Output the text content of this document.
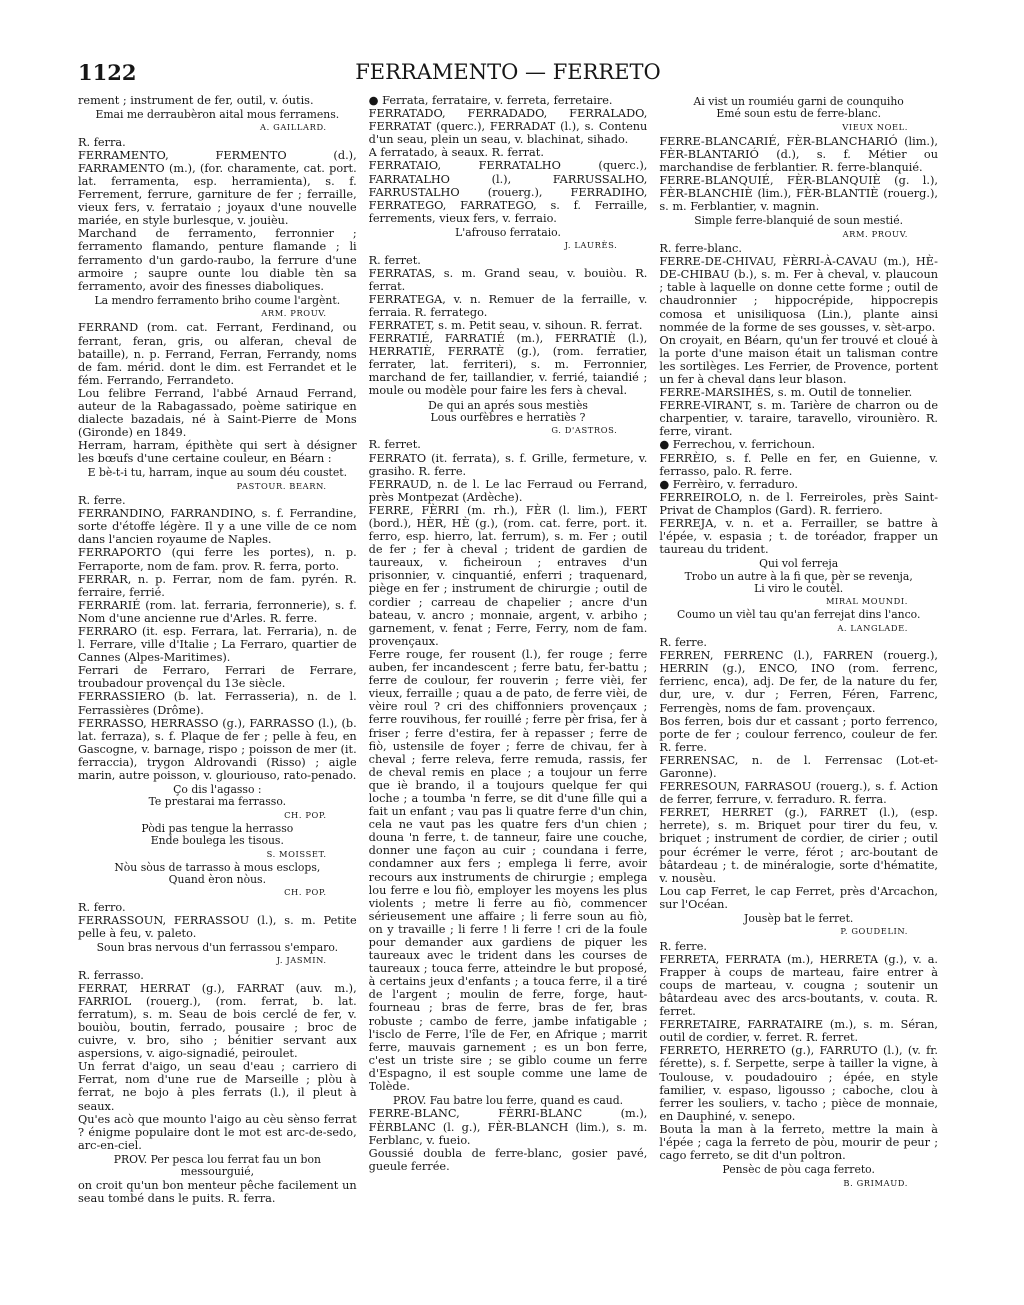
1122	FERRAMENTO — FERRETO

rement ; instrument de fer, outil, v. óutis.

Emai me derraubèron aital mous ferramens.
A. GAILLARD.

R. ferra.

FERRAMENTO, FERMENTO (d.), FARRAMENTO (m.), (for. charamente, cat. port. lat. ferramenta, esp. herramienta), s. f. Ferrement, ferrure, garniture de fer ; ferraille, vieux fers, v. ferrataio ; joyaux d'une nouvelle mariée, en style burlesque, v. jouièu.

Marchand de ferramento, ferronnier ; ferramento flamando, penture flamande ; li ferramento d'un gardo-raubo, la ferrure d'une armoire ; saupre ounte lou diable tèn sa ferramento, avoir des finesses diaboliques.

La mendro ferramento briho coume l'argènt.
ARM. PROUV.

FERRAND (rom. cat. Ferrant, Ferdinand, ou ferrant, feran, gris, ou alferan, cheval de bataille), n. p. Ferrand, Ferran, Ferrandy, noms de fam. mérid. dont le dim. est Ferrandet et le fém. Ferrando, Ferrandeto.

Lou felibre Ferrand, l'abbé Arnaud Ferrand, auteur de la Rabagassado, poème satirique en dialecte bazadais, né à Saint-Pierre de Mons (Gironde) en 1849.

Herram, harram, épithète qui sert à désigner les bœufs d'une certaine couleur, en Béarn :

E bè-t-i tu, harram, inque au soum déu coustet.
PASTOUR. BEARN.

R. ferre.

FERRANDINO, FARRANDINO, s. f. Ferrandine, sorte d'étoffe légère. Il y a une ville de ce nom dans l'ancien royaume de Naples.

FERRAPORTO (qui ferre les portes), n. p. Ferraporte, nom de fam. prov. R. ferra, porto.

FERRAR, n. p. Ferrar, nom de fam. pyrén. R. ferraire, ferrié.

FERRARIÉ (rom. lat. ferraria, ferronnerie), s. f. Nom d'une ancienne rue d'Arles. R. ferre.

FERRARO (it. esp. Ferrara, lat. Ferraria), n. de l. Ferrare, ville d'Italie ; La Ferraro, quartier de Cannes (Alpes-Maritimes).

Ferrari de Ferraro, Ferrari de Ferrare, troubadour provençal du 13e siècle.

FERRASSIERO (b. lat. Ferrasseria), n. de l. Ferrassières (Drôme).

FERRASSO, HERRASSO (g.), FARRASSO (l.), (b. lat. ferraza), s. f. Plaque de fer ; pelle à feu, en Gascogne, v. barnage, rispo ; poisson de mer (it. ferraccia), trygon Aldrovandi (Risso) ; aigle marin, autre poisson, v. glouriouso, rato-penado.

Ço dis l'agasso :
Te prestarai ma ferrasso.
CH. POP.
Pòdi pas tengue la herrasso
Ende boulega les tisous.
S. MOISSET.
Nòu sòus de tarrasso à mous esclops,
Quand èron nòus.
CH. POP.

R. ferro.

FERRASSOUN, FERRASSOU (l.), s. m. Petite pelle à feu, v. paleto.

Soun bras nervous d'un ferrassou s'emparo.
J. JASMIN.

R. ferrasso.

FERRAT, HERRAT (g.), FARRAT (auv. m.), FARRIOL (rouerg.), (rom. ferrat, b. lat. ferratum), s. m. Seau de bois cerclé de fer, v. bouiòu, boutin, ferrado, pousaire ; broc de cuivre, v. bro, siho ; bénitier servant aux aspersions, v. aigo-signadié, peiroulet.

Un ferrat d'aigo, un seau d'eau ; carriero di Ferrat, nom d'une rue de Marseille ; plòu à ferrat, ne bojo à ples ferrats (l.), il pleut à seaux.

Qu'es acò que mounto l'aigo au cèu sènso ferrat ? énigme populaire dont le mot est arc-de-sedo, arc-en-ciel.

PROV. Per pesca lou ferrat fau un bon messourguié,

on croit qu'un bon menteur pêche facilement un seau tombé dans le puits. R. ferra.

● Ferrata, ferrataire, v. ferreta, ferretaire.

FERRATADO, FERRADADO, FERRALADO, FERRATAT (querc.), FERRADAT (l.), s. Contenu d'un seau, plein un seau, v. blachinat, sihado.

A ferratado, à seaux. R. ferrat.

FERRATAIO, FERRATALHO (querc.), FARRATALHO (l.), FARRUSSALHO, FARRUSTALHO (rouerg.), FERRADIHO, FERRATEGO, FARRATEGO, s. f. Ferraille, ferrements, vieux fers, v. ferraio.

L'afrouso ferrataio.
J. LAURÈS.

R. ferret.

FERRATAS, s. m. Grand seau, v. bouiòu. R. ferrat.

FERRATEGA, v. n. Remuer de la ferraille, v. ferraia. R. ferratego.

FERRATET, s. m. Petit seau, v. sihoun. R. ferrat.

FERRATIÉ, FARRATIÉ (m.), FERRATIÈ (l.), HERRATIÈ, FERRATÈ (g.), (rom. ferratier, ferrater, lat. ferriteri), s. m. Ferronnier, marchand de fer, taillandier, v. ferrié, taiandié ; moule ou modèle pour faire les fers à cheval.

De qui an aprés sous mestiès
Lous ourfèbres e herratiès ?
G. D'ASTROS.

R. ferret.

FERRATO (it. ferrata), s. f. Grille, fermeture, v. grasiho. R. ferre.

FERRAUD, n. de l. Le lac Ferraud ou Ferrand, près Montpezat (Ardèche).

FERRE, FÈRRI (m. rh.), FÈR (l. lim.), FERT (bord.), HÈR, HÈ (g.), (rom. cat. ferre, port. it. ferro, esp. hierro, lat. ferrum), s. m. Fer ; outil de fer ; fer à cheval ; trident de gardien de taureaux, v. ficheiroun ; entraves d'un prisonnier, v. cinquantié, enferri ; traquenard, piège en fer ; instrument de chirurgie ; outil de cordier ; carreau de chapelier ; ancre d'un bateau, v. ancro ; monnaie, argent, v. arbiho ; garnement, v. fenat ; Ferre, Ferry, nom de fam. provençaux.

Ferre rouge, fer rousent (l.), fer rouge ; ferre auben, fer incandescent ; ferre batu, fer-battu ; ferre de coulour, fer rouverin ; ferre vièi, fer vieux, ferraille ; quau a de pato, de ferre vièi, de vèire roul ? cri des chiffonniers provençaux ; ferre rouvihous, fer rouillé ; ferre pèr frisa, fer à friser ; ferre d'estira, fer à repasser ; ferre de fiò, ustensile de foyer ; ferre de chivau, fer à cheval ; ferre releva, ferre remuda, rassis, fer de cheval remis en place ; a toujour un ferre que iè brando, il a toujours quelque fer qui loche ; a toumba 'n ferre, se dit d'une fille qui a fait un enfant ; vau pas li quatre ferre d'un chin, cela ne vaut pas les quatre fers d'un chien ; douna 'n ferre, t. de tanneur, faire une couche, donner une façon au cuir ; coundana i ferre, condamner aux fers ; emplega li ferre, avoir recours aux instruments de chirurgie ; emplega lou ferre e lou fiò, employer les moyens les plus violents ; metre li ferre au fiò, commencer sérieusement une affaire ; li ferre soun au fiò, on y travaille ; li ferre ! li ferre ! cri de la foule pour demander aux gardiens de piquer les taureaux avec le trident dans les courses de taureaux ; touca ferre, atteindre le but proposé, à certains jeux d'enfants ; a touca ferre, il a tiré de l'argent ; moulin de ferre, forge, haut-fourneau ; bras de ferre, bras de fer, bras robuste ; cambo de ferre, jambe infatigable ; l'isclo de Ferre, l'île de Fer, en Afrique ; marrit ferre, mauvais garnement ; es un bon ferre, c'est un triste sire ; se giblo coume un ferre d'Espagno, il est souple comme une lame de Tolède.

PROV. Fau batre lou ferre, quand es caud.

FERRE-BLANC, FÈRRI-BLANC (m.), FÈRBLANC (l. g.), FÈR-BLANCH (lim.), s. m. Ferblanc, v. fueio.

Goussié doubla de ferre-blanc, gosier pavé, gueule ferrée.

Ai vist un roumiéu garni de counquiho
Emé soun estu de ferre-blanc.
VIEUX NOEL.

FERRE-BLANCARIÉ, FÈR-BLANCHARIÓ (lim.), FÈR-BLANTARIÓ (d.), s. f. Métier ou marchandise de ferblantier. R. ferre-blanquié.

FERRE-BLANQUIÉ, FÈR-BLANQUIÈ (g. l.), FÈR-BLANCHIÈ (lim.), FÈR-BLANTIÈ (rouerg.), s. m. Ferblantier, v. magnin.

Simple ferre-blanquié de soun mestié.
ARM. PROUV.

R. ferre-blanc.

FERRE-DE-CHIVAU, FÈRRI-À-CAVAU (m.), HÈ-DE-CHIBAU (b.), s. m. Fer à cheval, v. plaucoun ; table à laquelle on donne cette forme ; outil de chaudronnier ; hippocrépide, hippocrepis comosa et unisiliquosa (Lin.), plante ainsi nommée de la forme de ses gousses, v. sèt-arpo.

On croyait, en Béarn, qu'un fer trouvé et cloué à la porte d'une maison était un talisman contre les sortilèges. Les Ferrier, de Provence, portent un fer à cheval dans leur blason.

FERRE-MARSIHÉS, s. m. Outil de tonnelier.

FERRE-VIRANT, s. m. Tarière de charron ou de charpentier, v. taraire, taravello, virounièro. R. ferre, virant.

● Ferrechou, v. ferrichoun.

FERRÈIO, s. f. Pelle en fer, en Guienne, v. ferrasso, palo. R. ferre.

● Ferrèiro, v. ferraduro.

FERREIROLO, n. de l. Ferreiroles, près Saint-Privat de Champlos (Gard). R. ferriero.

FERREJA, v. n. et a. Ferrailler, se battre à l'épée, v. espasia ; t. de toréador, frapper un taureau du trident.

Qui vol ferreja
Trobo un autre à la fi que, pèr se revenja,
Li viro le coutèl.
MIRAL MOUNDI.
Coumo un vièl tau qu'an ferrejat dins l'anco.
A. LANGLADE.

R. ferre.

FERREN, FERRENC (l.), FARREN (rouerg.), HERRIN (g.), ENCO, INO (rom. ferrenc, ferrienc, enca), adj. De fer, de la nature du fer, dur, ure, v. dur ; Ferren, Féren, Farrenc, Ferrengès, noms de fam. provençaux.

Bos ferren, bois dur et cassant ; porto ferrenco, porte de fer ; coulour ferrenco, couleur de fer. R. ferre.

FERRENSAC, n. de l. Ferrensac (Lot-et-Garonne).

FERRESOUN, FARRASOU (rouerg.), s. f. Action de ferrer, ferrure, v. ferraduro. R. ferra.

FERRET, HERRET (g.), FARRET (l.), (esp. herrete), s. m. Briquet pour tirer du feu, v. briquet ; instrument de cordier, de cirier ; outil pour écrémer le verre, férot ; arc-boutant de bâtardeau ; t. de minéralogie, sorte d'hématite, v. nousèu.

Lou cap Ferret, le cap Ferret, près d'Arcachon, sur l'Océan.

Jousèp bat le ferret.
P. GOUDELIN.

R. ferre.

FERRETA, FERRATA (m.), HERRETA (g.), v. a. Frapper à coups de marteau, faire entrer à coups de marteau, v. cougna ; soutenir un bâtardeau avec des arcs-boutants, v. couta. R. ferret.

FERRETAIRE, FARRATAIRE (m.), s. m. Séran, outil de cordier, v. ferret. R. ferret.

FERRETO, HERRETO (g.), FARRUTO (l.), (v. fr. férette), s. f. Serpette, serpe à tailler la vigne, à Toulouse, v. poudadouiro ; épée, en style familier, v. espaso, ligousso ; caboche, clou à ferrer les souliers, v. tacho ; pièce de monnaie, en Dauphiné, v. senepo.

Bouta la man à la ferreto, mettre la main à l'épée ; caga la ferreto de pòu, mourir de peur ; cago ferreto, se dit d'un poltron.

Pensèc de pòu caga ferreto.
B. GRIMAUD.
